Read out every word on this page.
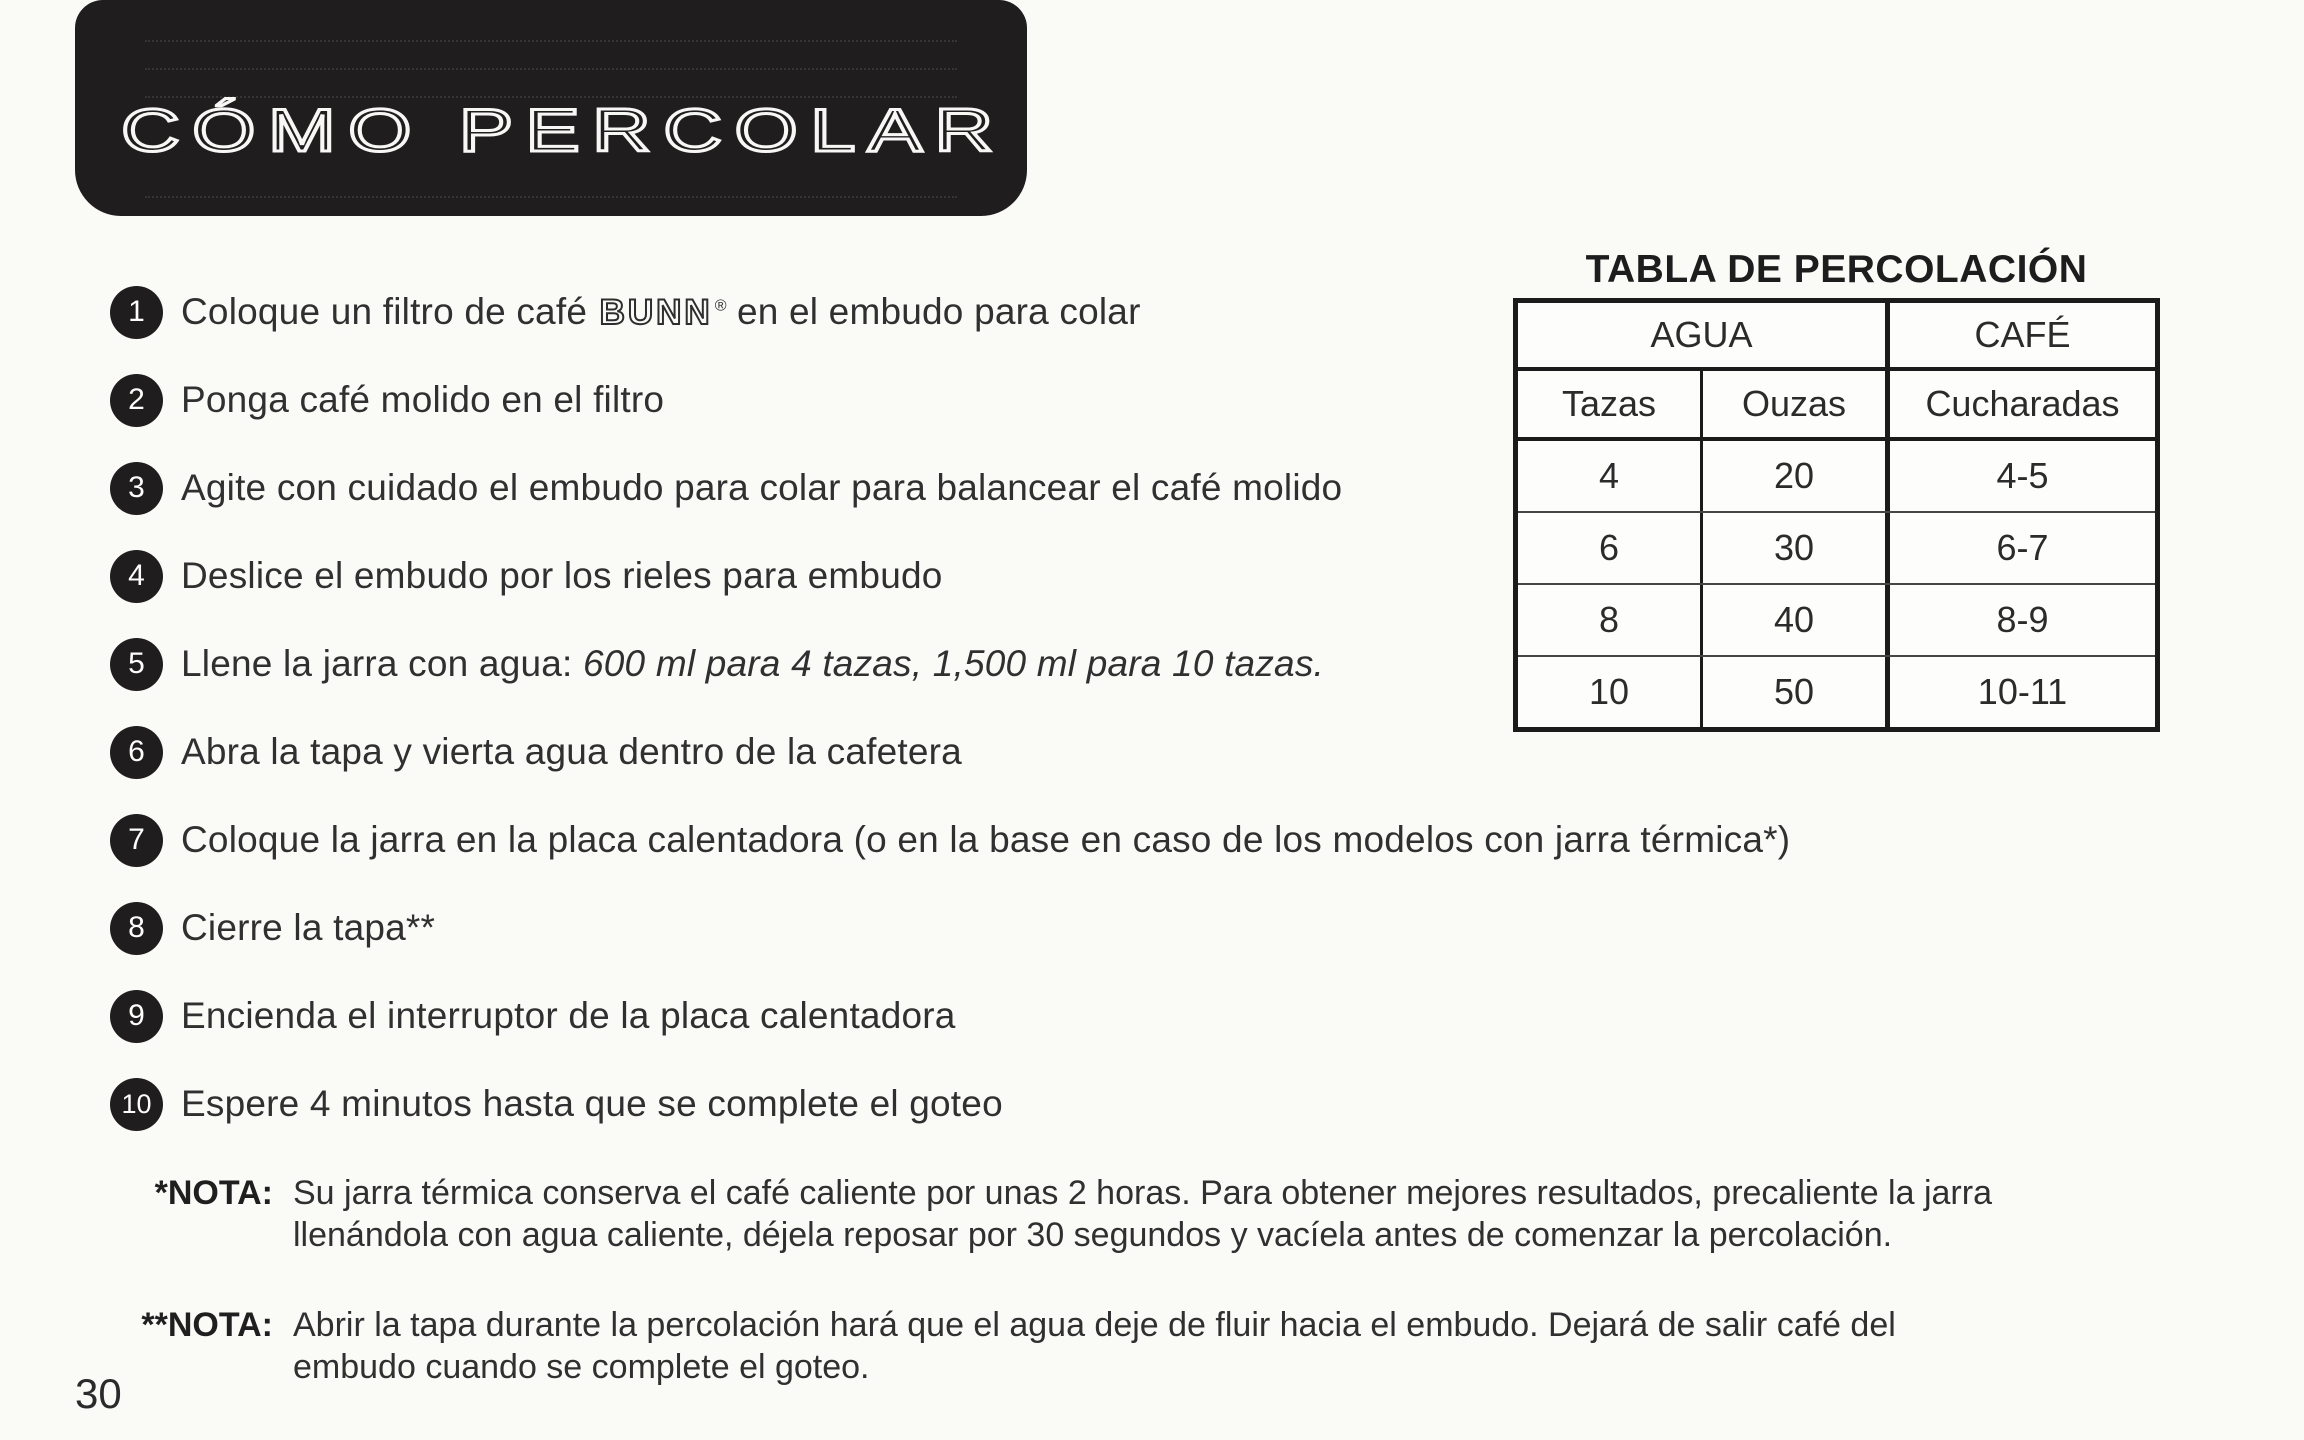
CÓMO PERCOLAR
1 Coloque un filtro de café BUNN ® en el embudo para colar
2 Ponga café molido en el filtro
3 Agite con cuidado el embudo para colar para balancear el café molido
4 Deslice el embudo por los rieles para embudo
5 Llene la jarra con agua: 600 ml para 4 tazas, 1,500 ml para 10 tazas.
6 Abra la tapa y vierta agua dentro de la cafetera
7 Coloque la jarra en la placa calentadora (o en la base en caso de los modelos con jarra térmica*)
8 Cierre la tapa**
9 Encienda el interruptor de la placa calentadora
10 Espere 4 minutos hasta que se complete el goteo
TABLA DE PERCOLACIÓN
AGUA	CAFÉ
Tazas	Ouzas	Cucharadas
4	20	4-5
6	30	6-7
8	40	8-9
10	50	10-11
*NOTA: Su jarra térmica conserva el café caliente por unas 2 horas. Para obtener mejores resultados, precaliente la jarra
llenándola con agua caliente, déjela reposar por 30 segundos y vacíela antes de comenzar la percolación.
**NOTA: Abrir la tapa durante la percolación hará que el agua deje de fluir hacia el embudo. Dejará de salir café del
embudo cuando se complete el goteo.
30
